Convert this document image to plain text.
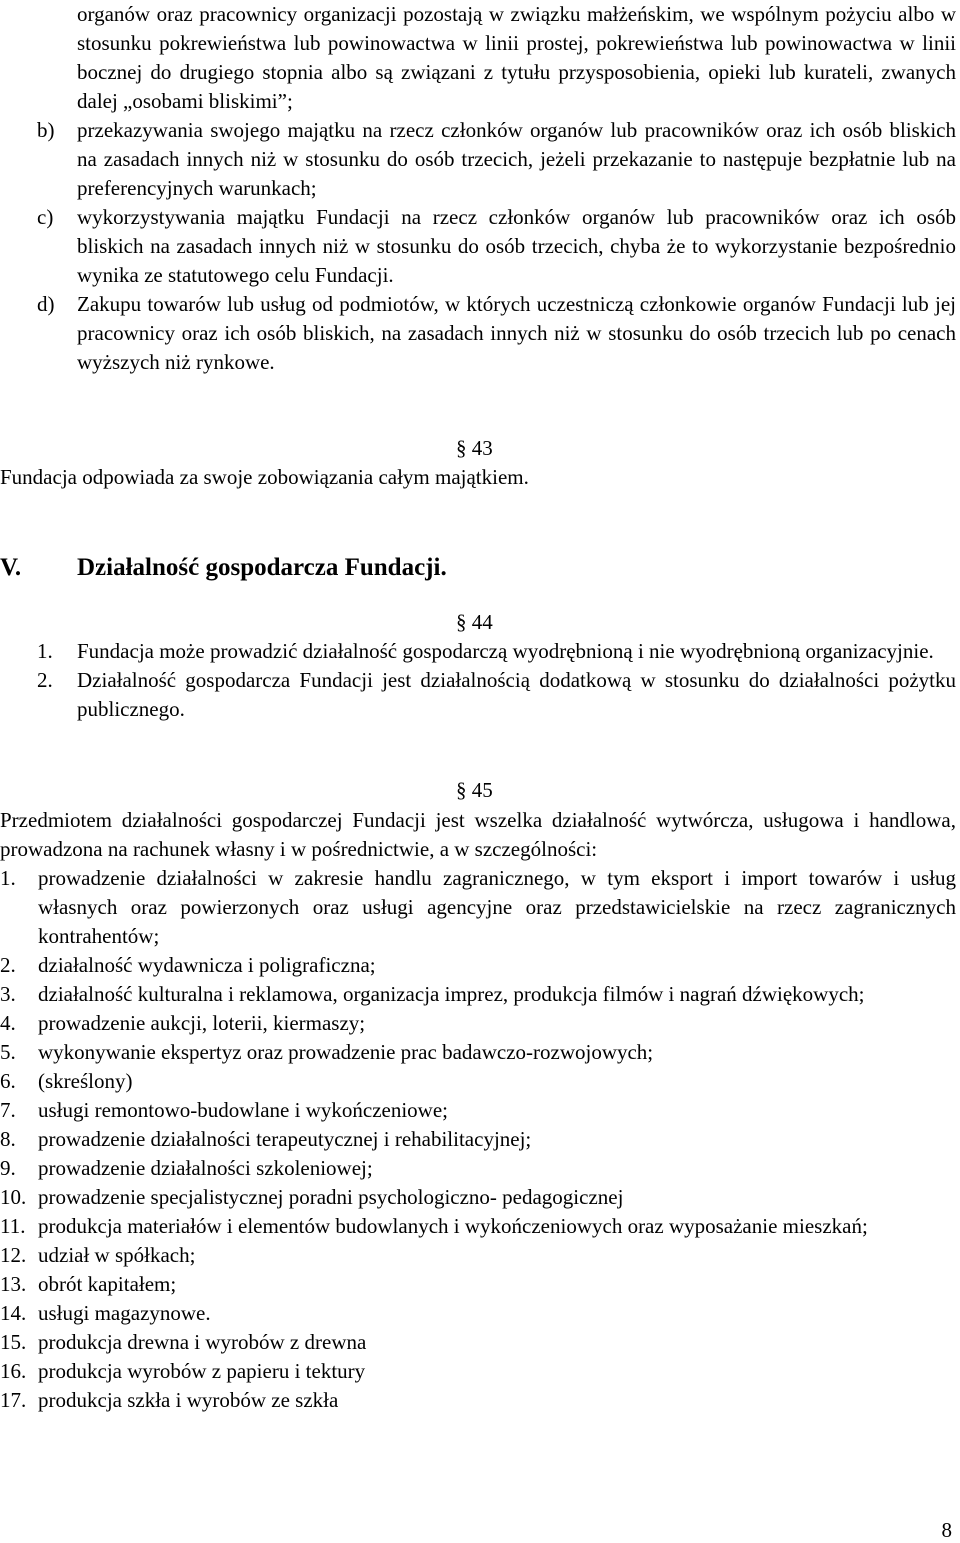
organów oraz pracownicy organizacji pozostają w związku małżeńskim, we wspólnym pożyciu albo w stosunku pokrewieństwa lub powinowactwa w linii prostej, pokrewieństwa lub powinowactwa w linii bocznej do drugiego stopnia albo są związani z tytułu przysposobienia, opieki lub kurateli, zwanych dalej „osobami bliskimi”;

b) przekazywania swojego majątku na rzecz członków organów lub pracowników oraz ich osób bliskich na zasadach innych niż w stosunku do osób trzecich, jeżeli przekazanie to następuje bezpłatnie lub na preferencyjnych warunkach;

c) wykorzystywania majątku Fundacji na rzecz członków organów lub pracowników oraz ich osób bliskich na zasadach innych niż w stosunku do osób trzecich, chyba że to wykorzystanie bezpośrednio wynika ze statutowego celu Fundacji.

d) Zakupu towarów lub usług od podmiotów, w których uczestniczą członkowie organów Fundacji lub jej pracownicy oraz ich osób bliskich, na zasadach innych niż w stosunku do osób trzecich lub po cenach wyższych niż rynkowe.

§ 43

Fundacja odpowiada za swoje zobowiązania całym majątkiem.

V. Działalność gospodarcza Fundacji.
§ 44

1. Fundacja może prowadzić działalność gospodarczą wyodrębnioną i nie wyodrębnioną organizacyjnie.

2. Działalność gospodarcza Fundacji jest działalnością dodatkową w stosunku do działalności pożytku publicznego.

§ 45

Przedmiotem działalności gospodarczej Fundacji jest wszelka działalność wytwórcza, usługowa i handlowa, prowadzona na rachunek własny i w pośrednictwie, a w szczególności:

1. prowadzenie działalności w zakresie handlu zagranicznego, w tym eksport i import towarów i usług własnych oraz powierzonych oraz usługi agencyjne oraz przedstawicielskie na rzecz zagranicznych kontrahentów;

2. działalność wydawnicza i poligraficzna;

3. działalność kulturalna i reklamowa, organizacja imprez, produkcja filmów i nagrań dźwiękowych;

4. prowadzenie aukcji, loterii, kiermaszy;

5. wykonywanie ekspertyz oraz prowadzenie prac badawczo-rozwojowych;

6. (skreślony)

7. usługi remontowo-budowlane i wykończeniowe;

8. prowadzenie działalności terapeutycznej i rehabilitacyjnej;

9. prowadzenie działalności szkoleniowej;

10. prowadzenie specjalistycznej poradni psychologiczno- pedagogicznej

11. produkcja materiałów i elementów budowlanych i wykończeniowych oraz wyposażanie mieszkań;

12. udział w spółkach;

13. obrót kapitałem;

14. usługi magazynowe.

15. produkcja drewna i wyrobów z drewna

16. produkcja wyrobów z papieru i tektury

17. produkcja szkła i wyrobów ze szkła

8
